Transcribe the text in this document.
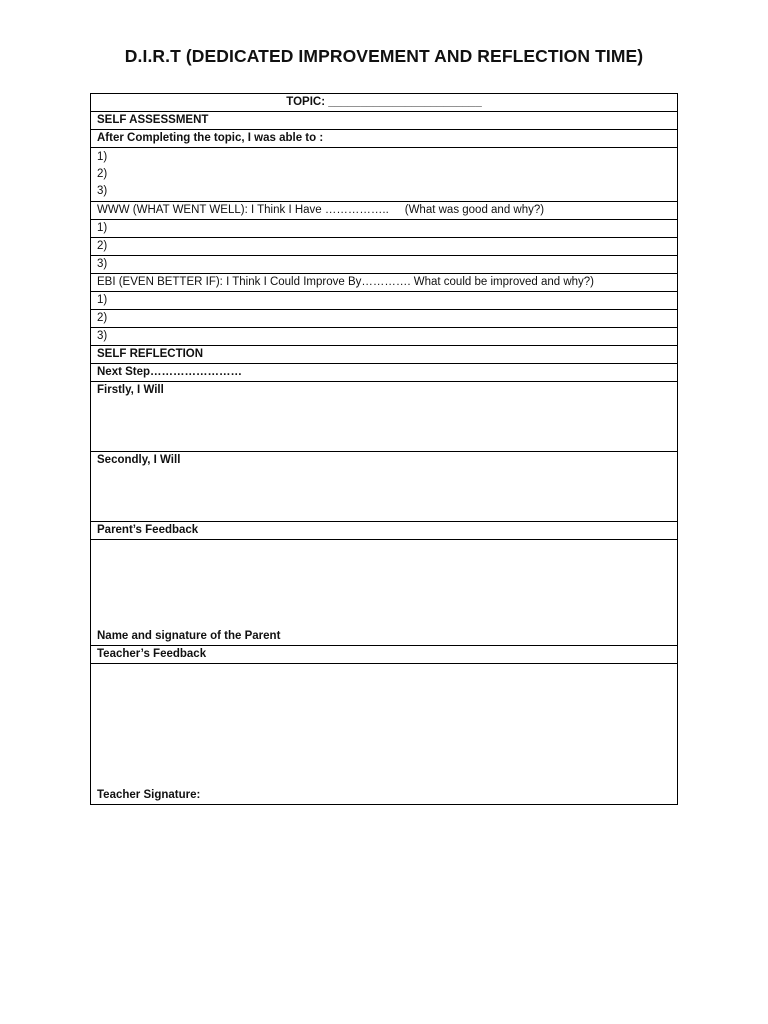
D.I.R.T (DEDICATED IMPROVEMENT AND REFLECTION TIME)
TOPIC: ________________________
SELF ASSESSMENT
After Completing the topic, I was able to :
1)
2)
3)
WWW (WHAT WENT WELL): I Think I Have ……………..     (What was good and why?)
1)
2)
3)
EBI (EVEN BETTER IF): I Think I Could Improve By…………. What could be improved and why?)
1)
2)
3)
SELF REFLECTION
Next Step……………………
Firstly, I Will
Secondly, I Will
Parent’s Feedback
Name and signature of the Parent
Teacher’s Feedback
Teacher Signature:
